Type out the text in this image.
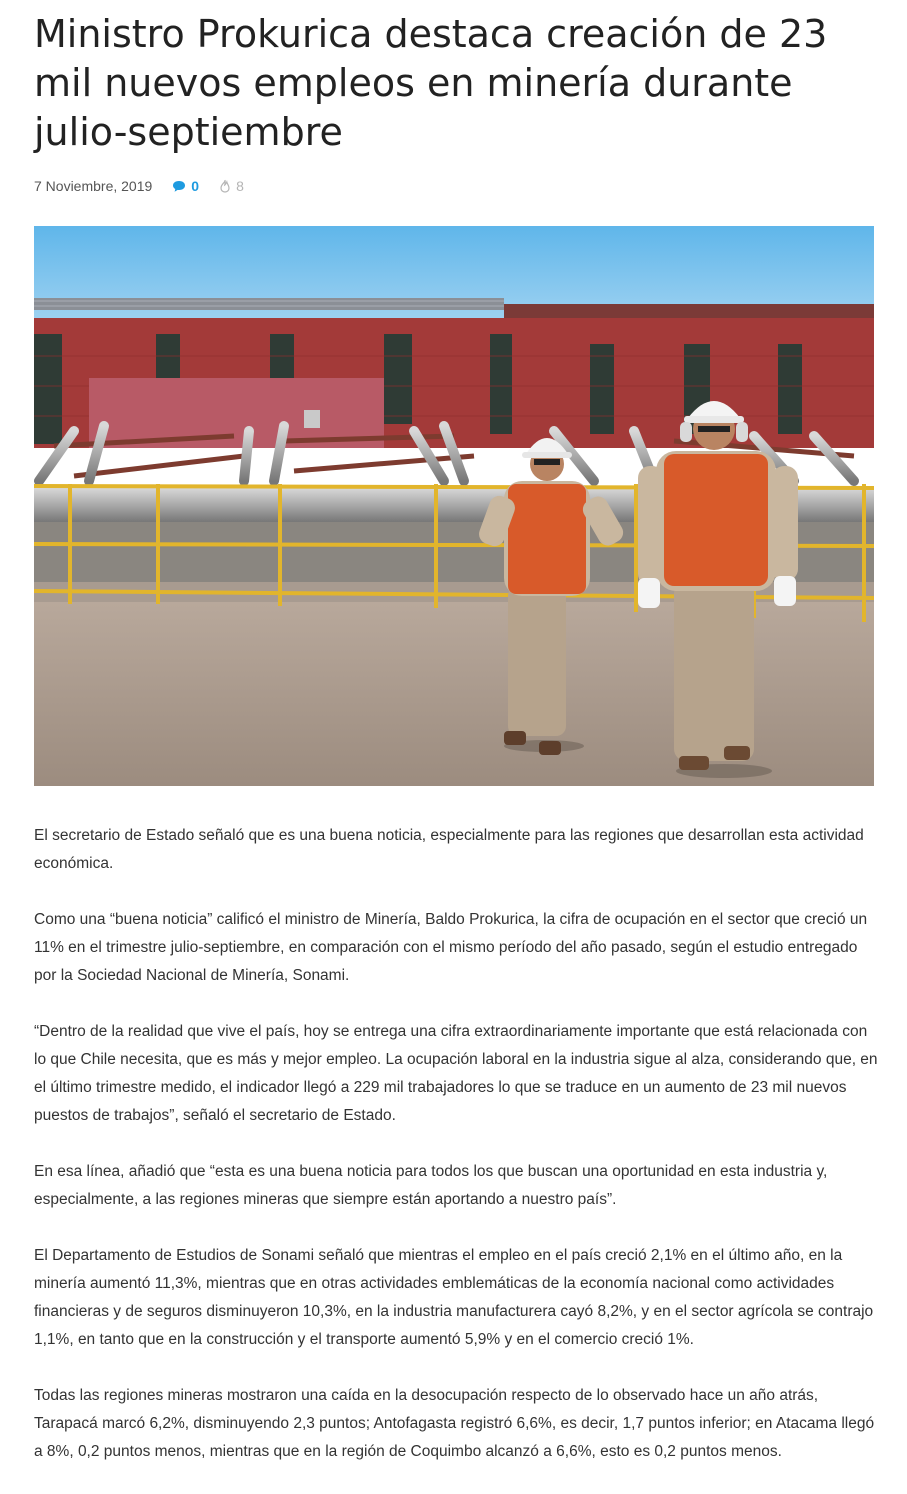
Ministro Prokurica destaca creación de 23 mil nuevos empleos en minería durante julio-septiembre
7 Noviembre, 2019	0	8

El secretario de Estado señaló que es una buena noticia, especialmente para las regiones que desarrollan esta actividad económica.

Como una “buena noticia” calificó el ministro de Minería, Baldo Prokurica, la cifra de ocupación en el sector que creció un 11% en el trimestre julio-septiembre, en comparación con el mismo período del año pasado, según el estudio entregado por la Sociedad Nacional de Minería, Sonami.

“Dentro de la realidad que vive el país, hoy se entrega una cifra extraordinariamente importante que está relacionada con lo que Chile necesita, que es más y mejor empleo. La ocupación laboral en la industria sigue al alza, considerando que, en el último trimestre medido, el indicador llegó a 229 mil trabajadores lo que se traduce en un aumento de 23 mil nuevos puestos de trabajos”, señaló el secretario de Estado.

En esa línea, añadió que “esta es una buena noticia para todos los que buscan una oportunidad en esta industria y, especialmente, a las regiones mineras que siempre están aportando a nuestro país”.

El Departamento de Estudios de Sonami señaló que mientras el empleo en el país creció 2,1% en el último año, en la minería aumentó 11,3%, mientras que en otras actividades emblemáticas de la economía nacional como actividades financieras y de seguros disminuyeron 10,3%, en la industria manufacturera cayó 8,2%, y en el sector agrícola se contrajo 1,1%, en tanto que en la construcción y el transporte aumentó 5,9% y en el comercio creció 1%.

Todas las regiones mineras mostraron una caída en la desocupación respecto de lo observado hace un año atrás, Tarapacá marcó 6,2%, disminuyendo 2,3 puntos; Antofagasta registró 6,6%, es decir, 1,7 puntos inferior; en Atacama llegó a 8%, 0,2 puntos menos, mientras que en la región de Coquimbo alcanzó a 6,6%, esto es 0,2 puntos menos.
